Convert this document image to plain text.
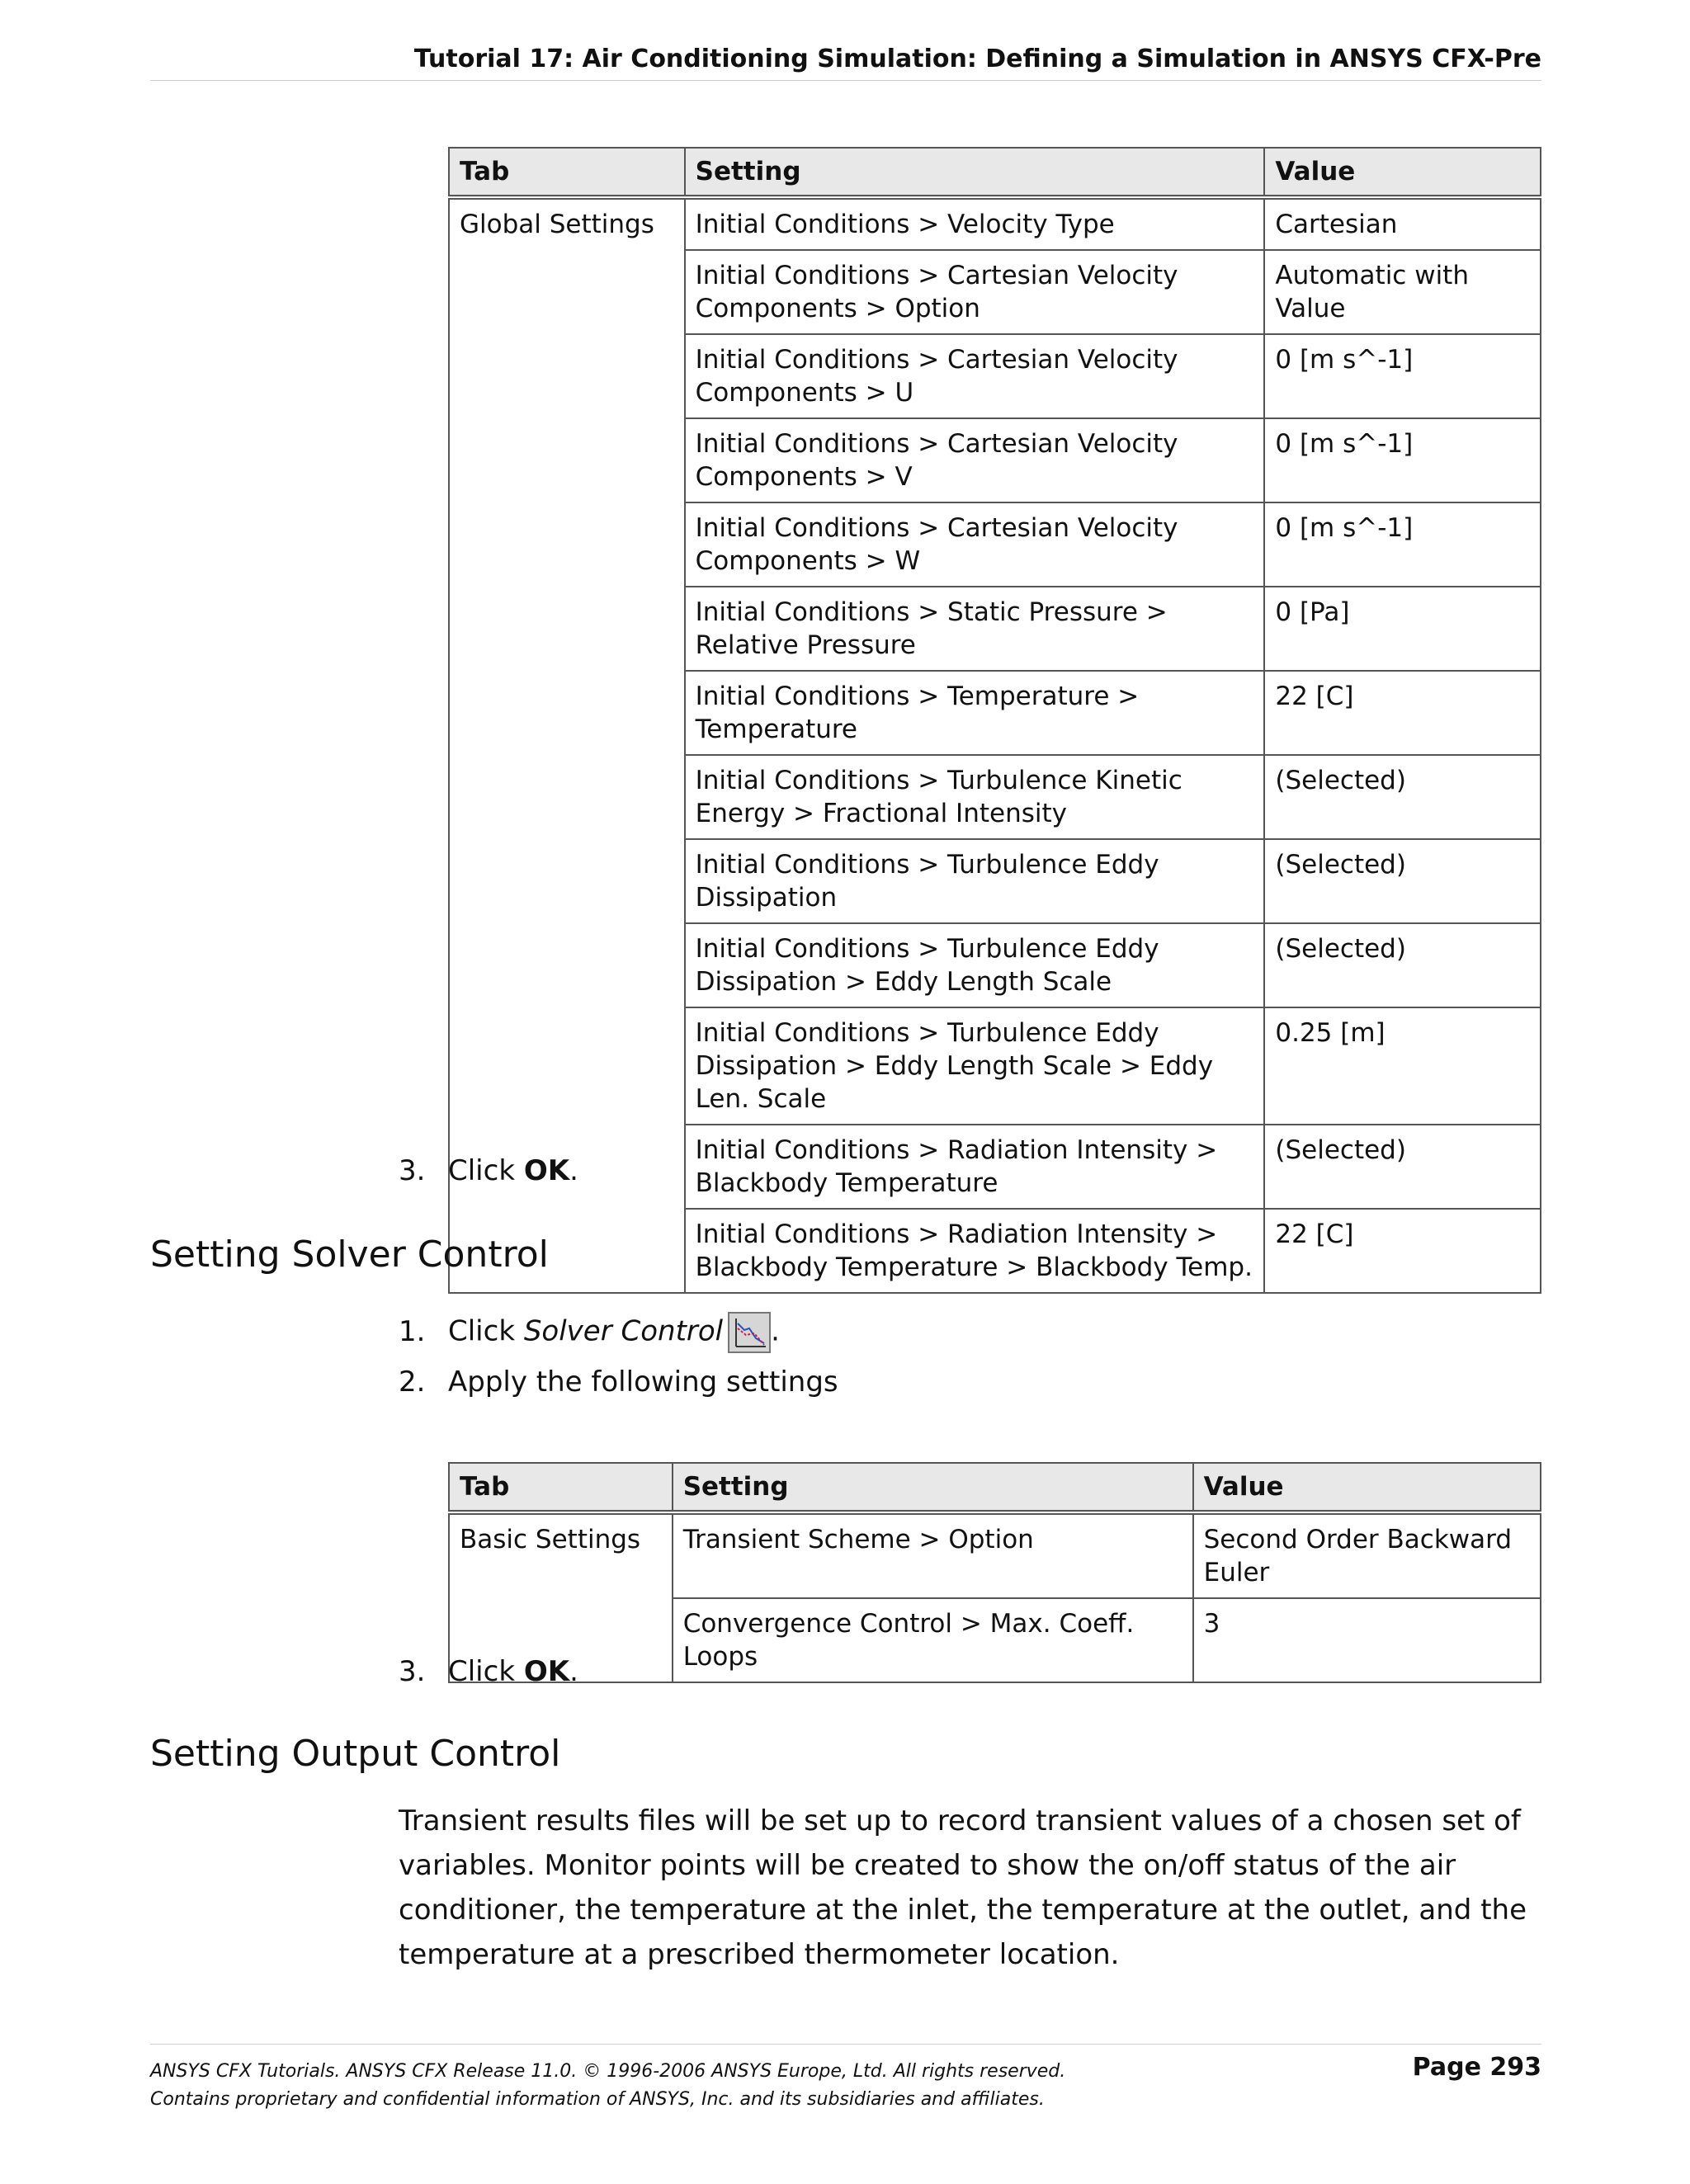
Tutorial 17: Air Conditioning Simulation: Defining a Simulation in ANSYS CFX-Pre
Tab	Setting	Value
Global Settings	Initial Conditions > Velocity Type	Cartesian
	Initial Conditions > Cartesian Velocity Components > Option	Automatic with Value
	Initial Conditions > Cartesian Velocity Components > U	0 [m s^-1]
	Initial Conditions > Cartesian Velocity Components > V	0 [m s^-1]
	Initial Conditions > Cartesian Velocity Components > W	0 [m s^-1]
	Initial Conditions > Static Pressure > Relative Pressure	0 [Pa]
	Initial Conditions > Temperature > Temperature	22 [C]
	Initial Conditions > Turbulence Kinetic Energy > Fractional Intensity	(Selected)
	Initial Conditions > Turbulence Eddy Dissipation	(Selected)
	Initial Conditions > Turbulence Eddy Dissipation > Eddy Length Scale	(Selected)
	Initial Conditions > Turbulence Eddy Dissipation > Eddy Length Scale > Eddy Len. Scale	0.25 [m]
	Initial Conditions > Radiation Intensity > Blackbody Temperature	(Selected)
	Initial Conditions > Radiation Intensity > Blackbody Temperature > Blackbody Temp.	22 [C]
3. Click OK.
Setting Solver Control
1. Click Solver Control .
2. Apply the following settings
Tab	Setting	Value
Basic Settings	Transient Scheme > Option	Second Order Backward Euler
	Convergence Control > Max. Coeff. Loops	3
3. Click OK.
Setting Output Control
Transient results files will be set up to record transient values of a chosen set of variables. Monitor points will be created to show the on/off status of the air conditioner, the temperature at the inlet, the temperature at the outlet, and the temperature at a prescribed thermometer location.
ANSYS CFX Tutorials. ANSYS CFX Release 11.0. © 1996-2006 ANSYS Europe, Ltd. All rights reserved.
Contains proprietary and confidential information of ANSYS, Inc. and its subsidiaries and affiliates.
Page 293
